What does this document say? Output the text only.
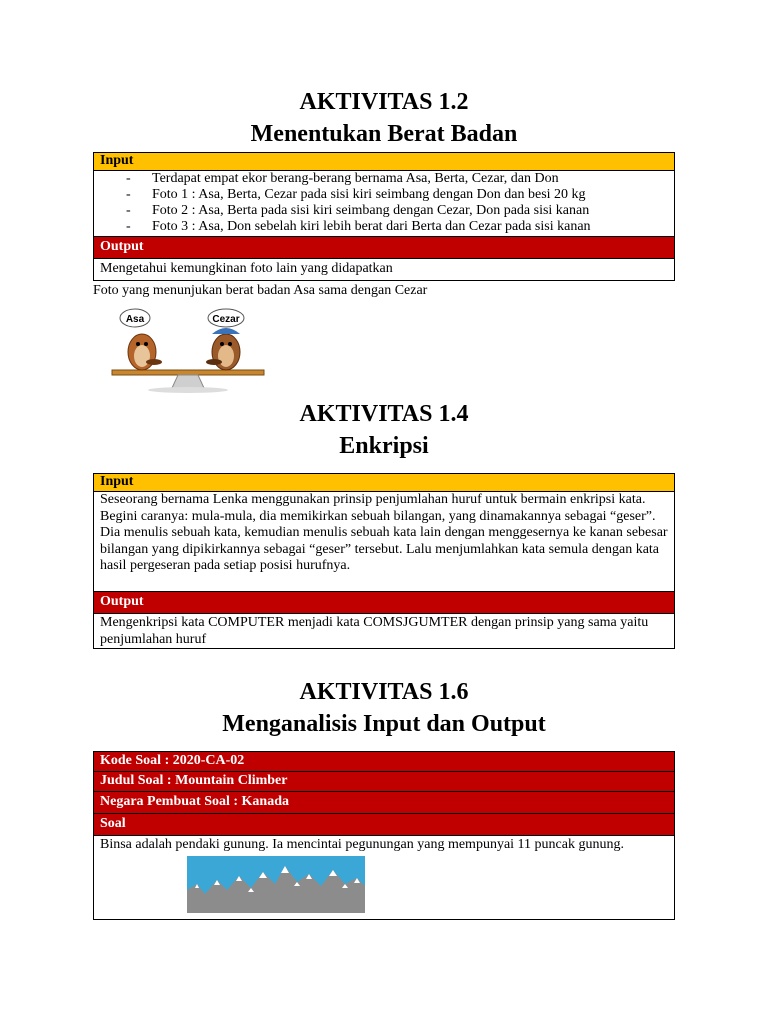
AKTIVITAS 1.2
Menentukan Berat Badan
Input
- Terdapat empat ekor berang-berang bernama Asa, Berta, Cezar, dan Don
- Foto 1 : Asa, Berta, Cezar pada sisi kiri seimbang dengan Don dan besi 20 kg
- Foto 2 : Asa, Berta pada sisi kiri seimbang dengan Cezar, Don pada sisi kanan
- Foto 3 : Asa, Don sebelah kiri lebih berat dari Berta dan Cezar pada sisi kanan
Output
Mengetahui kemungkinan foto lain yang didapatkan
Foto yang menunjukan berat badan Asa sama dengan Cezar
Asa	Cezar
AKTIVITAS 1.4
Enkripsi
Input
Seseorang bernama Lenka menggunakan prinsip penjumlahan huruf untuk bermain enkripsi kata. Begini caranya: mula-mula, dia memikirkan sebuah bilangan, yang dinamakannya sebagai “geser”. Dia menulis sebuah kata, kemudian menulis sebuah kata lain dengan menggesernya ke kanan sebesar bilangan yang dipikirkannya sebagai “geser” tersebut. Lalu menjumlahkan kata semula dengan kata hasil pergeseran pada setiap posisi hurufnya.
Output
Mengenkripsi kata COMPUTER menjadi kata COMSJGUMTER dengan prinsip yang sama yaitu penjumlahan huruf
AKTIVITAS 1.6
Menganalisis Input dan Output
Kode Soal : 2020-CA-02
Judul Soal : Mountain Climber
Negara Pembuat Soal : Kanada
Soal
Binsa adalah pendaki gunung. Ia mencintai pegunungan yang mempunyai 11 puncak gunung.
